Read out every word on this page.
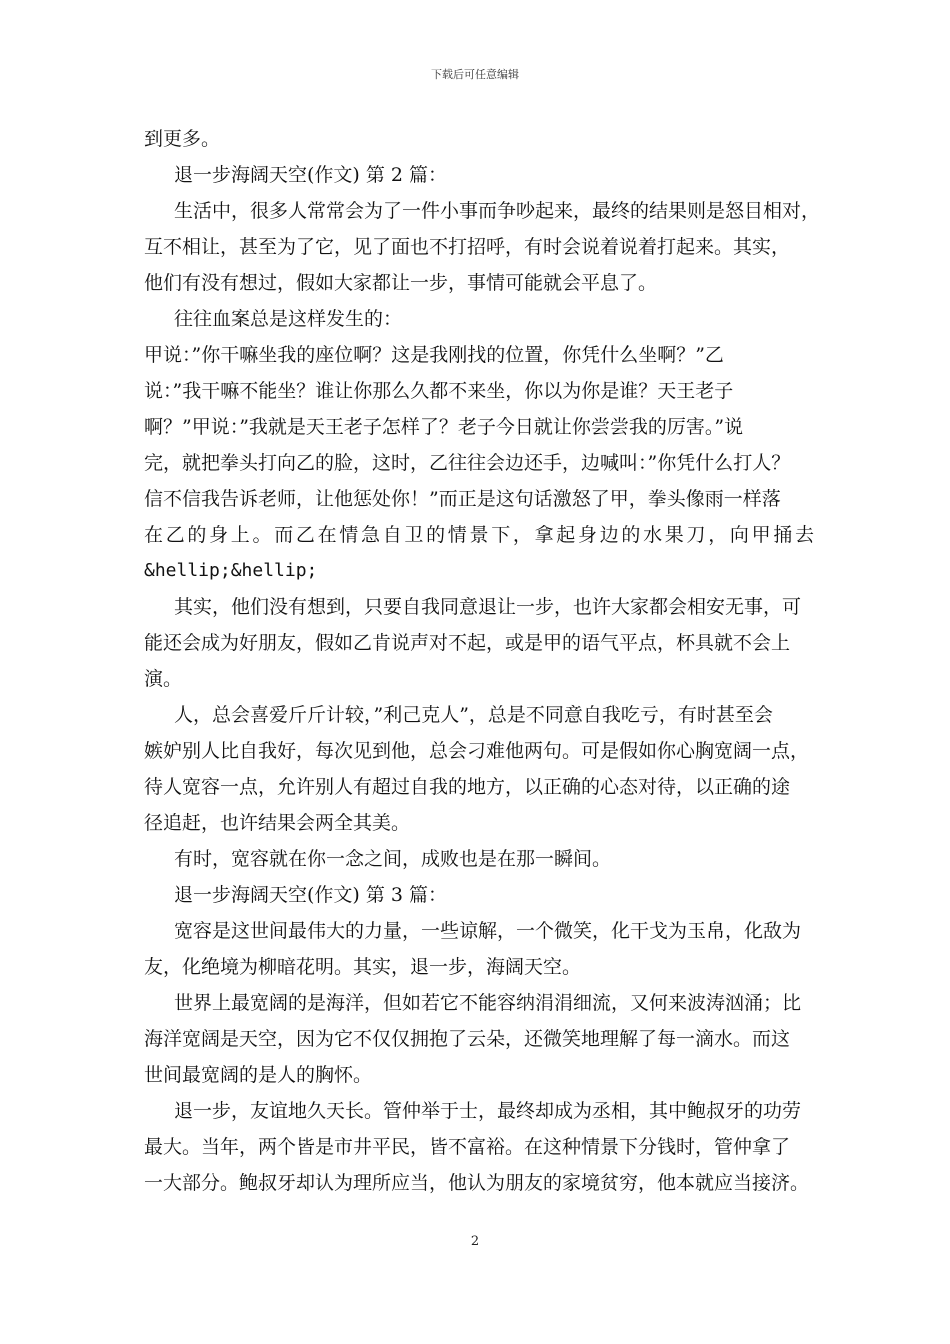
下载后可任意编辑
到更多。
退一步海阔天空(作文) 第 2 篇：
生活中，很多人常常会为了一件小事而争吵起来，最终的结果则是怒目相对，
互不相让，甚至为了它，见了面也不打招呼，有时会说着说着打起来。其实，
他们有没有想过，假如大家都让一步，事情可能就会平息了。
往往血案总是这样发生的：
甲说：”你干嘛坐我的座位啊？这是我刚找的位置，你凭什么坐啊？”乙
说：”我干嘛不能坐？谁让你那么久都不来坐，你以为你是谁？天王老子
啊？”甲说：”我就是天王老子怎样了？老子今日就让你尝尝我的厉害。”说
完，就把拳头打向乙的脸，这时，乙往往会边还手，边喊叫：”你凭什么打人？
信不信我告诉老师，让他惩处你！”而正是这句话激怒了甲，拳头像雨一样落
在乙的身上。而乙在情急自卫的情景下，拿起身边的水果刀，向甲捅去
&hellip;&hellip;
其实，他们没有想到，只要自我同意退让一步，也许大家都会相安无事，可
能还会成为好朋友，假如乙肯说声对不起，或是甲的语气平点，杯具就不会上
演。
人，总会喜爱斤斤计较，”利己克人”，总是不同意自我吃亏，有时甚至会
嫉妒别人比自我好，每次见到他，总会刁难他两句。可是假如你心胸宽阔一点，
待人宽容一点，允许别人有超过自我的地方，以正确的心态对待，以正确的途
径追赶，也许结果会两全其美。
有时，宽容就在你一念之间，成败也是在那一瞬间。
退一步海阔天空(作文) 第 3 篇：
宽容是这世间最伟大的力量，一些谅解，一个微笑，化干戈为玉帛，化敌为
友，化绝境为柳暗花明。其实，退一步，海阔天空。
世界上最宽阔的是海洋，但如若它不能容纳涓涓细流，又何来波涛汹涌；比
海洋宽阔是天空，因为它不仅仅拥抱了云朵，还微笑地理解了每一滴水。而这
世间最宽阔的是人的胸怀。
退一步，友谊地久天长。管仲举于士，最终却成为丞相，其中鲍叔牙的功劳
最大。当年，两个皆是市井平民，皆不富裕。在这种情景下分钱时，管仲拿了
一大部分。鲍叔牙却认为理所应当，他认为朋友的家境贫穷，他本就应当接济。
2
